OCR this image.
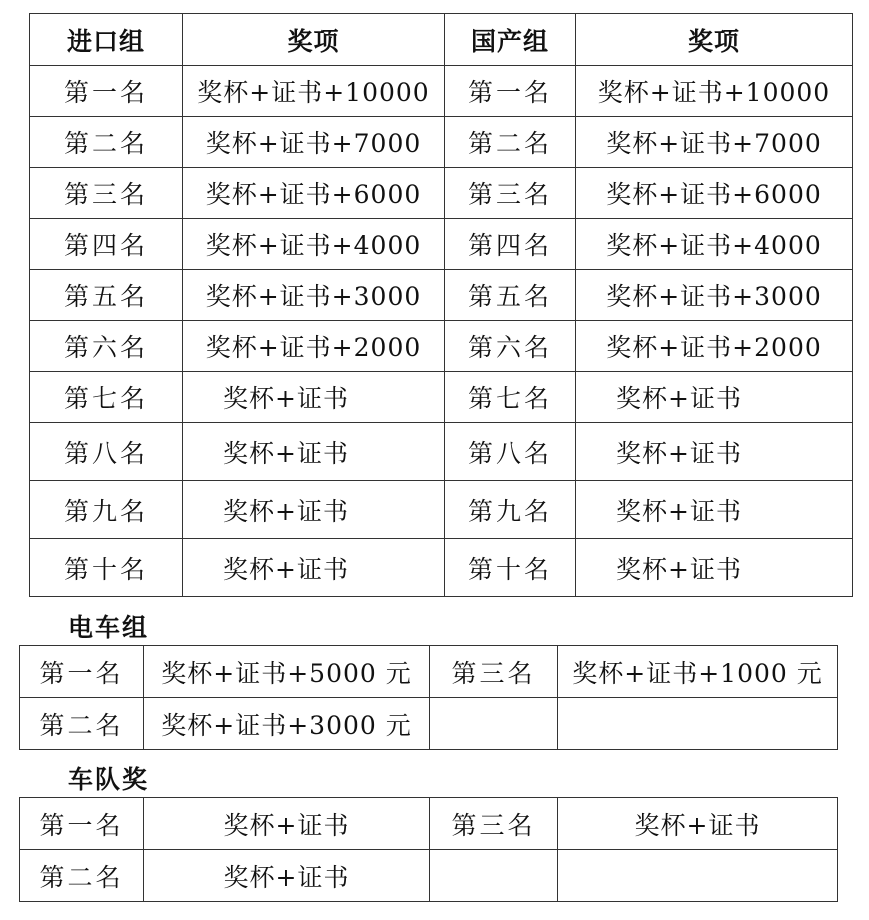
进口组	奖项	国产组	奖项
第一名	奖杯+证书+10000	第一名	奖杯+证书+10000
第二名	奖杯+证书+7000	第二名	奖杯+证书+7000
第三名	奖杯+证书+6000	第三名	奖杯+证书+6000
第四名	奖杯+证书+4000	第四名	奖杯+证书+4000
第五名	奖杯+证书+3000	第五名	奖杯+证书+3000
第六名	奖杯+证书+2000	第六名	奖杯+证书+2000
第七名	奖杯+证书	第七名	奖杯+证书
第八名	奖杯+证书	第八名	奖杯+证书
第九名	奖杯+证书	第九名	奖杯+证书
第十名	奖杯+证书	第十名	奖杯+证书
电车组
第一名	奖杯+证书+5000 元	第三名	奖杯+证书+1000 元
第二名	奖杯+证书+3000 元		
车队奖
第一名	奖杯+证书	第三名	奖杯+证书
第二名	奖杯+证书		
